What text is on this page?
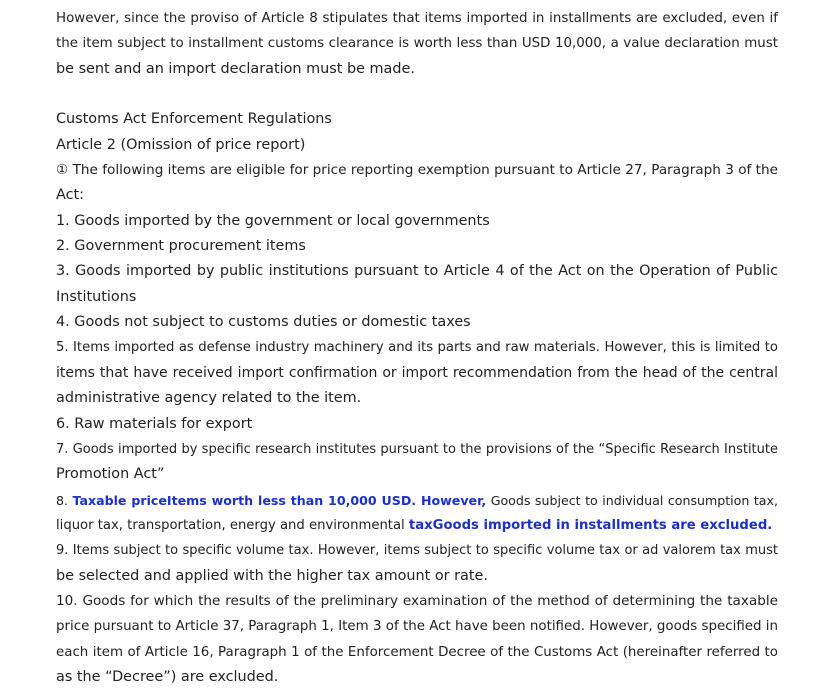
However, since the proviso of Article 8 stipulates that items imported in installments are excluded, even if
the item subject to installment customs clearance is worth less than USD 10,000, a value declaration must
be sent and an import declaration must be made.
Customs Act Enforcement Regulations
Article 2 (Omission of price report)
① The following items are eligible for price reporting exemption pursuant to Article 27, Paragraph 3 of the
Act:
1. Goods imported by the government or local governments
2. Government procurement items
3. Goods imported by public institutions pursuant to Article 4 of the Act on the Operation of Public
Institutions
4. Goods not subject to customs duties or domestic taxes
5. Items imported as defense industry machinery and its parts and raw materials. However, this is limited to
items that have received import confirmation or import recommendation from the head of the central
administrative agency related to the item.
6. Raw materials for export
7. Goods imported by specific research institutes pursuant to the provisions of the “Specific Research Institute
Promotion Act”
8. Taxable priceItems worth less than 10,000 USD. However, Goods subject to individual consumption tax,
liquor tax, transportation, energy and environmental taxGoods imported in installments are excluded.
9. Items subject to specific volume tax. However, items subject to specific volume tax or ad valorem tax must
be selected and applied with the higher tax amount or rate.
10. Goods for which the results of the preliminary examination of the method of determining the taxable
price pursuant to Article 37, Paragraph 1, Item 3 of the Act have been notified. However, goods specified in
each item of Article 16, Paragraph 1 of the Enforcement Decree of the Customs Act (hereinafter referred to
as the “Decree”) are excluded.
